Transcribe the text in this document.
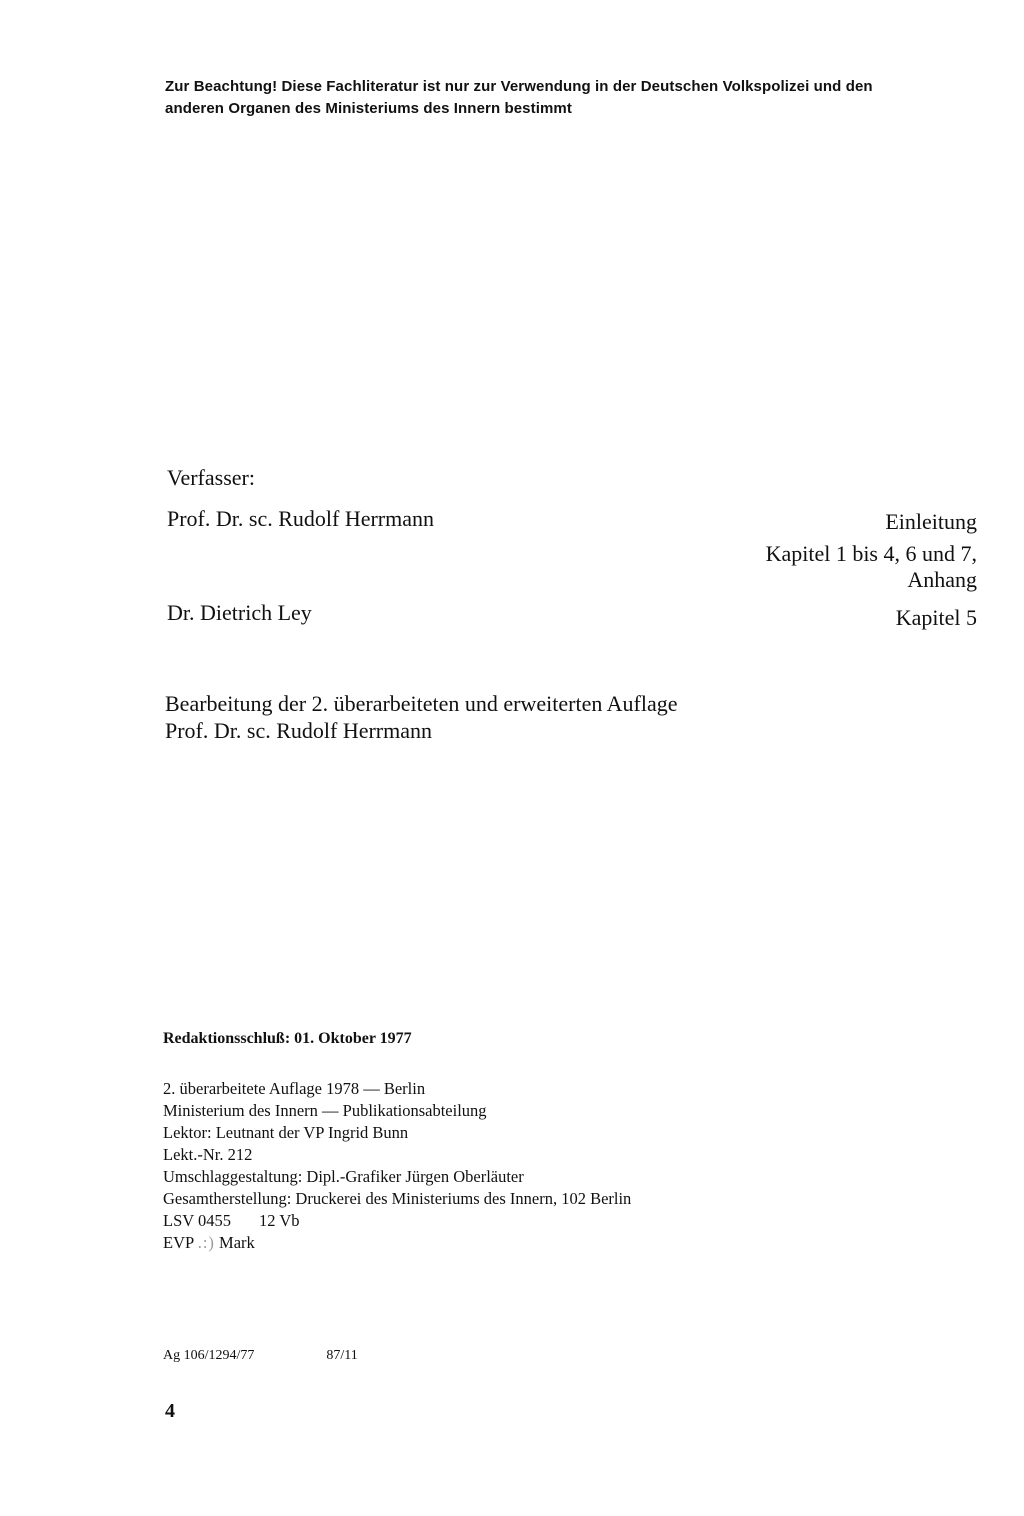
Zur Beachtung! Diese Fachliteratur ist nur zur Verwendung in der Deutschen Volkspolizei und den
anderen Organen des Ministeriums des Innern bestimmt
Verfasser:
Prof. Dr. sc. Rudolf Herrmann	Einleitung
Kapitel 1 bis 4, 6 und 7,
Anhang
Dr. Dietrich Ley	Kapitel 5
Bearbeitung der 2. überarbeiteten und erweiterten Auflage
Prof. Dr. sc. Rudolf Herrmann
Redaktionsschluß: 01. Oktober 1977
2. überarbeitete Auflage 1978 — Berlin
Ministerium des Innern — Publikationsabteilung
Lektor: Leutnant der VP Ingrid Bunn
Lekt.-Nr. 212
Umschlaggestaltung: Dipl.-Grafiker Jürgen Oberläuter
Gesamtherstellung: Druckerei des Ministeriums des Innern, 102 Berlin
LSV 0455 12 Vb
EVP .:) Mark
Ag 106/1294/77	87/11
4
